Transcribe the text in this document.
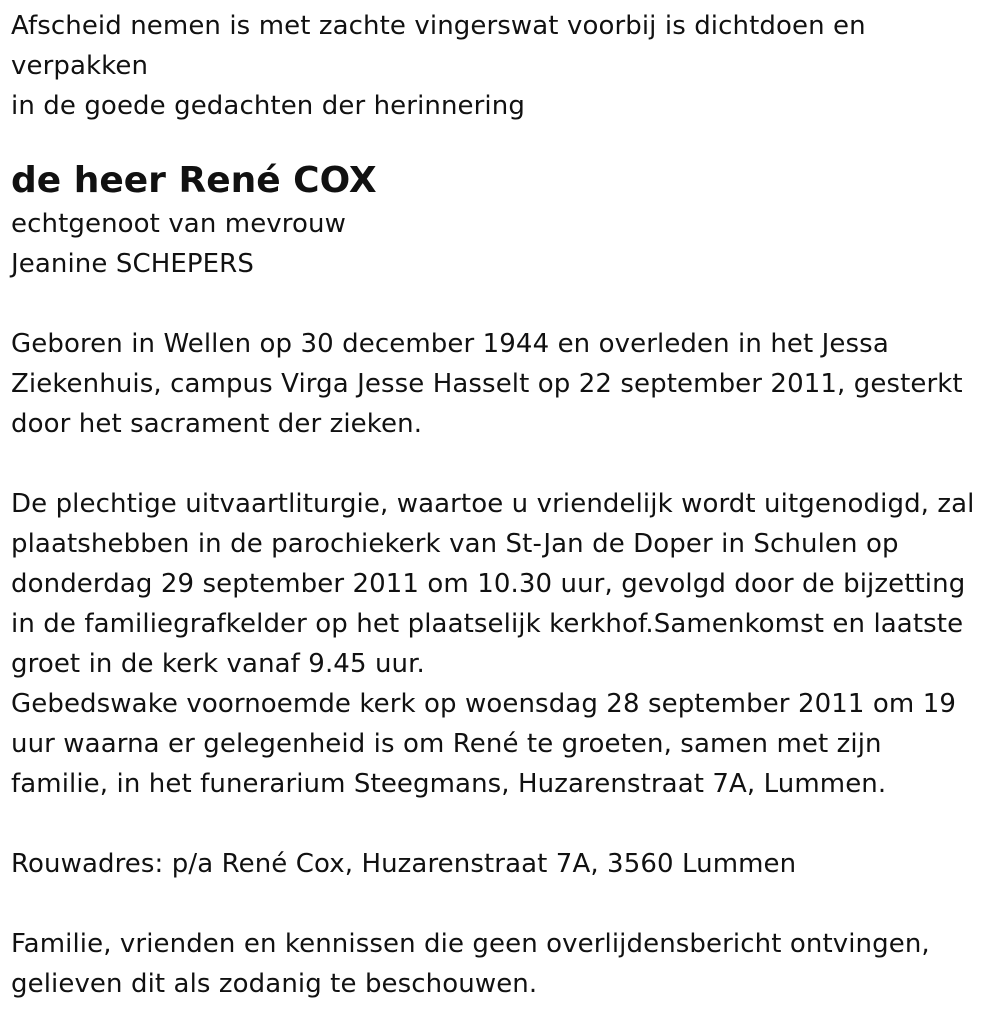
Afscheid nemen is met zachte vingerswat voorbij is dichtdoen en
verpakken
in de goede gedachten der herinnering
de heer René COX
echtgenoot van mevrouw
Jeanine SCHEPERS
Geboren in Wellen op 30 december 1944 en overleden in het Jessa
Ziekenhuis, campus Virga Jesse Hasselt op 22 september 2011, gesterkt
door het sacrament der zieken.
De plechtige uitvaartliturgie, waartoe u vriendelijk wordt uitgenodigd, zal
plaatshebben in de parochiekerk van St-Jan de Doper in Schulen op
donderdag 29 september 2011 om 10.30 uur, gevolgd door de bijzetting
in de familiegrafkelder op het plaatselijk kerkhof.Samenkomst en laatste
groet in de kerk vanaf 9.45 uur.
Gebedswake voornoemde kerk op woensdag 28 september 2011 om 19
uur waarna er gelegenheid is om René te groeten, samen met zijn
familie, in het funerarium Steegmans, Huzarenstraat 7A, Lummen.
Rouwadres: p/a René Cox, Huzarenstraat 7A, 3560 Lummen
Familie, vrienden en kennissen die geen overlijdensbericht ontvingen,
gelieven dit als zodanig te beschouwen.
